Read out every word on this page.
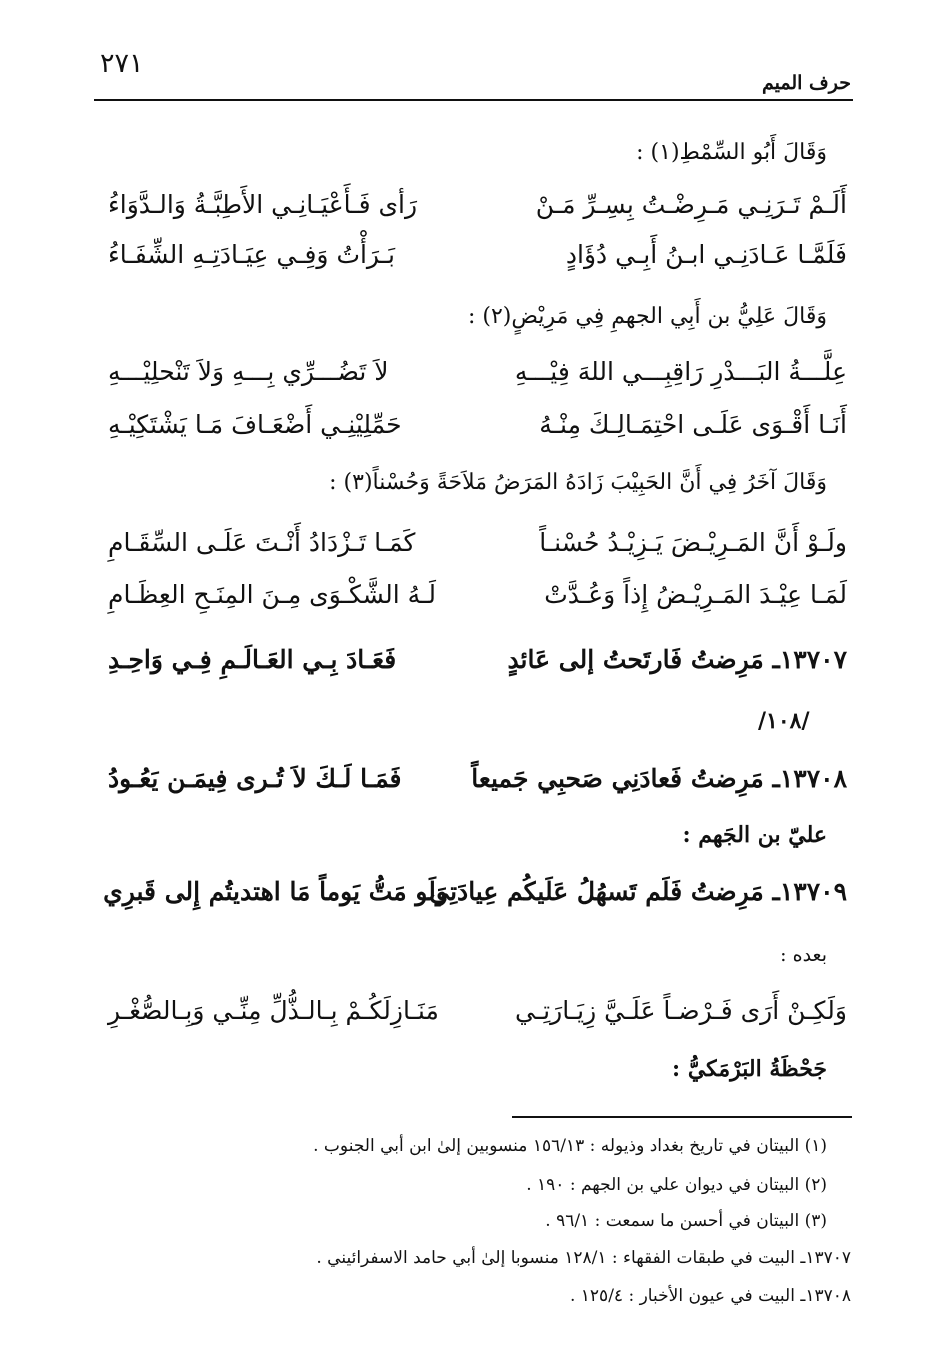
٢٧١
حرف الميم
وَقَالَ أَبُو السِّمْطِ(١) :
أَلَـمْ تَـرَنِـي مَـرِضْـتُ بِسِـرِّ مَـنْ
رَأى فَـأَعْيَـانِـي الأَطِبَّـةُ وَالـدَّوَاءُ
فَلَمَّـا عَـادَنِـي ابـنُ أَبِـي دُؤَادٍ
بَـرَأْتُ وَفِـي عِيَـادَتِـهِ الشِّفَـاءُ
وَقَالَ عَلِيُّ بن أَبِي الجهمِ فِي مَرِيْضٍ(٢) :
عِلَّـــةُ البَـــدْرِ رَاقِبِـــي اللهَ فِيْـــهِ
لاَ تَضُـــرِّي بِـــهِ وَلاَ تَنْحلِيْـــهِ
أَنَـا أَقْـوَى عَلَـى احْتِمَـالِـكَ مِنْـهُ
حَمِّلِيْنِـي أَضْعَـافَ مَـا يَشْتَكِيْـهِ
وَقَالَ آخَرُ فِي أَنَّ الحَبِيْبَ زَادَهُ المَرَضُ مَلاَحَةً وَحُسْناً(٣) :
ولَـوْ أَنَّ المَـرِيْـضَ يَـزِيْـدُ حُسْنـاً
كَمَـا تَـزْدَادُ أَنْـتَ عَلَـى السِّقَـامِ
لَمَـا عِيْـدَ المَـرِيْـضُ إِذاً وَعُـدَّتْ
لَـهُ الشَّكْـوَى مِـنَ المِنَـحِ العِظَـامِ
١٣٧٠٧ـ مَرِضتُ فَارتَحتُ إلى عَائدٍ
فَعَـادَ بِـي العَـالَـمِ فِـي وَاحِـدِ
/١٠٨/
١٣٧٠٨ـ مَرِضتُ فَعادَنِي صَحبِي جَميعاً
فَمَـا لَـكَ لاَ تُـرى فِيمَـن يَعُـودُ
عليّ بن الجَهم :
١٣٧٠٩ـ مَرِضتُ فَلَم تَسهُلُ عَلَيكُم عِيادَتِي
وَلَو مَتُّ يَوماً مَا اهتديتُم إِلى قَبرِي
بعده :
وَلَكِـنْ أَرَى فَـرْضـاً عَلَـيَّ زِيَـارَتِـي
مَنَـازِلَكُـمْ بِـالـذُّلِّ مِنِّـي وَبِـالصُّغْـرِ
جَحْظَةُ البَرْمَكيُّ :
(١) البيتان في تاريخ بغداد وذيوله : ١٥٦/١٣ منسوبين إلىٰ ابن أبي الجنوب .
(٢) البيتان في ديوان علي بن الجهم : ١٩٠ .
(٣) البيتان في أحسن ما سمعت : ٩٦/١ .
١٣٧٠٧ـ البيت في طبقات الفقهاء : ١٢٨/١ منسوبا إلىٰ أبي حامد الاسفرائيني .
١٣٧٠٨ـ البيت في عيون الأخبار : ١٢٥/٤ .
